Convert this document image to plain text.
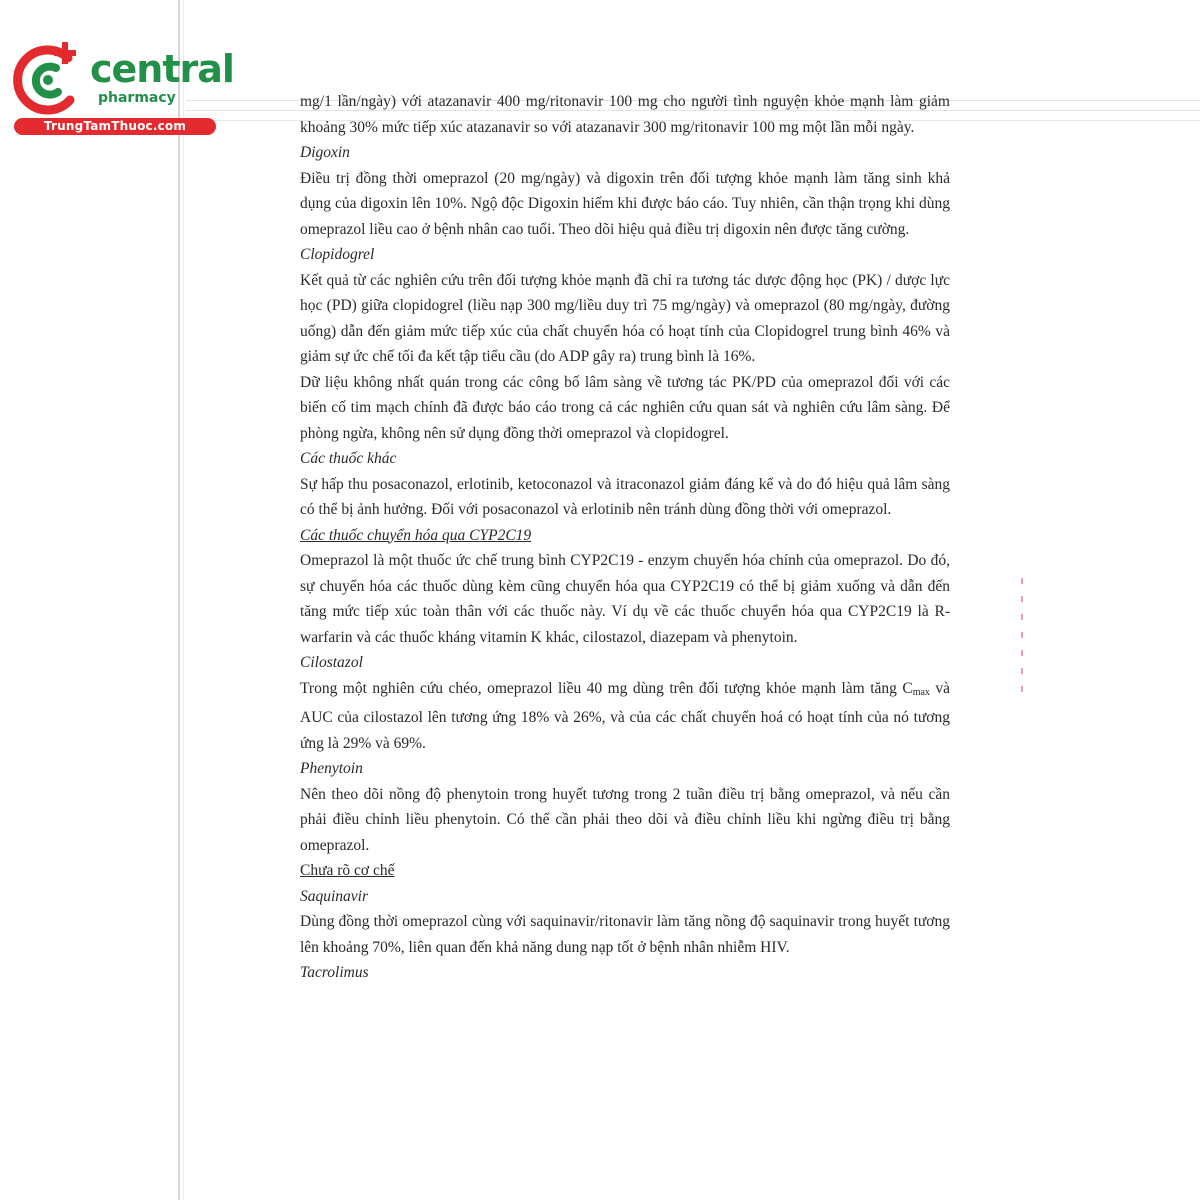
central
pharmacy
TrungTamThuoc.com

mg/1 lần/ngày) với atazanavir 400 mg/ritonavir 100 mg cho người tình nguyện khỏe mạnh làm giảm khoảng 30% mức tiếp xúc atazanavir so với atazanavir 300 mg/ritonavir 100 mg một lần mỗi ngày.

Digoxin

Điều trị đồng thời omeprazol (20 mg/ngày) và digoxin trên đối tượng khỏe mạnh làm tăng sinh khả dụng của digoxin lên 10%. Ngộ độc Digoxin hiếm khi được báo cáo. Tuy nhiên, cần thận trọng khi dùng omeprazol liều cao ở bệnh nhân cao tuổi. Theo dõi hiệu quả điều trị digoxin nên được tăng cường.

Clopidogrel

Kết quả từ các nghiên cứu trên đối tượng khỏe mạnh đã chỉ ra tương tác dược động học (PK) / dược lực học (PD) giữa clopidogrel (liều nạp 300 mg/liều duy trì 75 mg/ngày) và omeprazol (80 mg/ngày, đường uống) dẫn đến giảm mức tiếp xúc của chất chuyển hóa có hoạt tính của Clopidogrel trung bình 46% và giảm sự ức chế tối đa kết tập tiểu cầu (do ADP gây ra) trung bình là 16%.

Dữ liệu không nhất quán trong các công bố lâm sàng về tương tác PK/PD của omeprazol đối với các biến cố tim mạch chính đã được báo cáo trong cả các nghiên cứu quan sát và nghiên cứu lâm sàng. Để phòng ngừa, không nên sử dụng đồng thời omeprazol và clopidogrel.

Các thuốc khác

Sự hấp thu posaconazol, erlotinib, ketoconazol và itraconazol giảm đáng kể và do đó hiệu quả lâm sàng có thể bị ảnh hưởng. Đối với posaconazol và erlotinib nên tránh dùng đồng thời với omeprazol.

Các thuốc chuyển hóa qua CYP2C19

Omeprazol là một thuốc ức chế trung bình CYP2C19 - enzym chuyển hóa chính của omeprazol. Do đó, sự chuyển hóa các thuốc dùng kèm cũng chuyển hóa qua CYP2C19 có thể bị giảm xuống và dẫn đến tăng mức tiếp xúc toàn thân với các thuốc này. Ví dụ về các thuốc chuyển hóa qua CYP2C19 là R-warfarin và các thuốc kháng vitamin K khác, cilostazol, diazepam và phenytoin.

Cilostazol

Trong một nghiên cứu chéo, omeprazol liều 40 mg dùng trên đối tượng khỏe mạnh làm tăng $C_{max}$ và AUC của cilostazol lên tương ứng 18% và 26%, và của các chất chuyển hoá có hoạt tính của nó tương ứng là 29% và 69%.

Phenytoin

Nên theo dõi nồng độ phenytoin trong huyết tương trong 2 tuần điều trị bằng omeprazol, và nếu cần phải điều chỉnh liều phenytoin. Có thể cần phải theo dõi và điều chỉnh liều khi ngừng điều trị bằng omeprazol.

Chưa rõ cơ chế

Saquinavir

Dùng đồng thời omeprazol cùng với saquinavir/ritonavir làm tăng nồng độ saquinavir trong huyết tương lên khoảng 70%, liên quan đến khả năng dung nạp tốt ở bệnh nhân nhiễm HIV.

Tacrolimus
